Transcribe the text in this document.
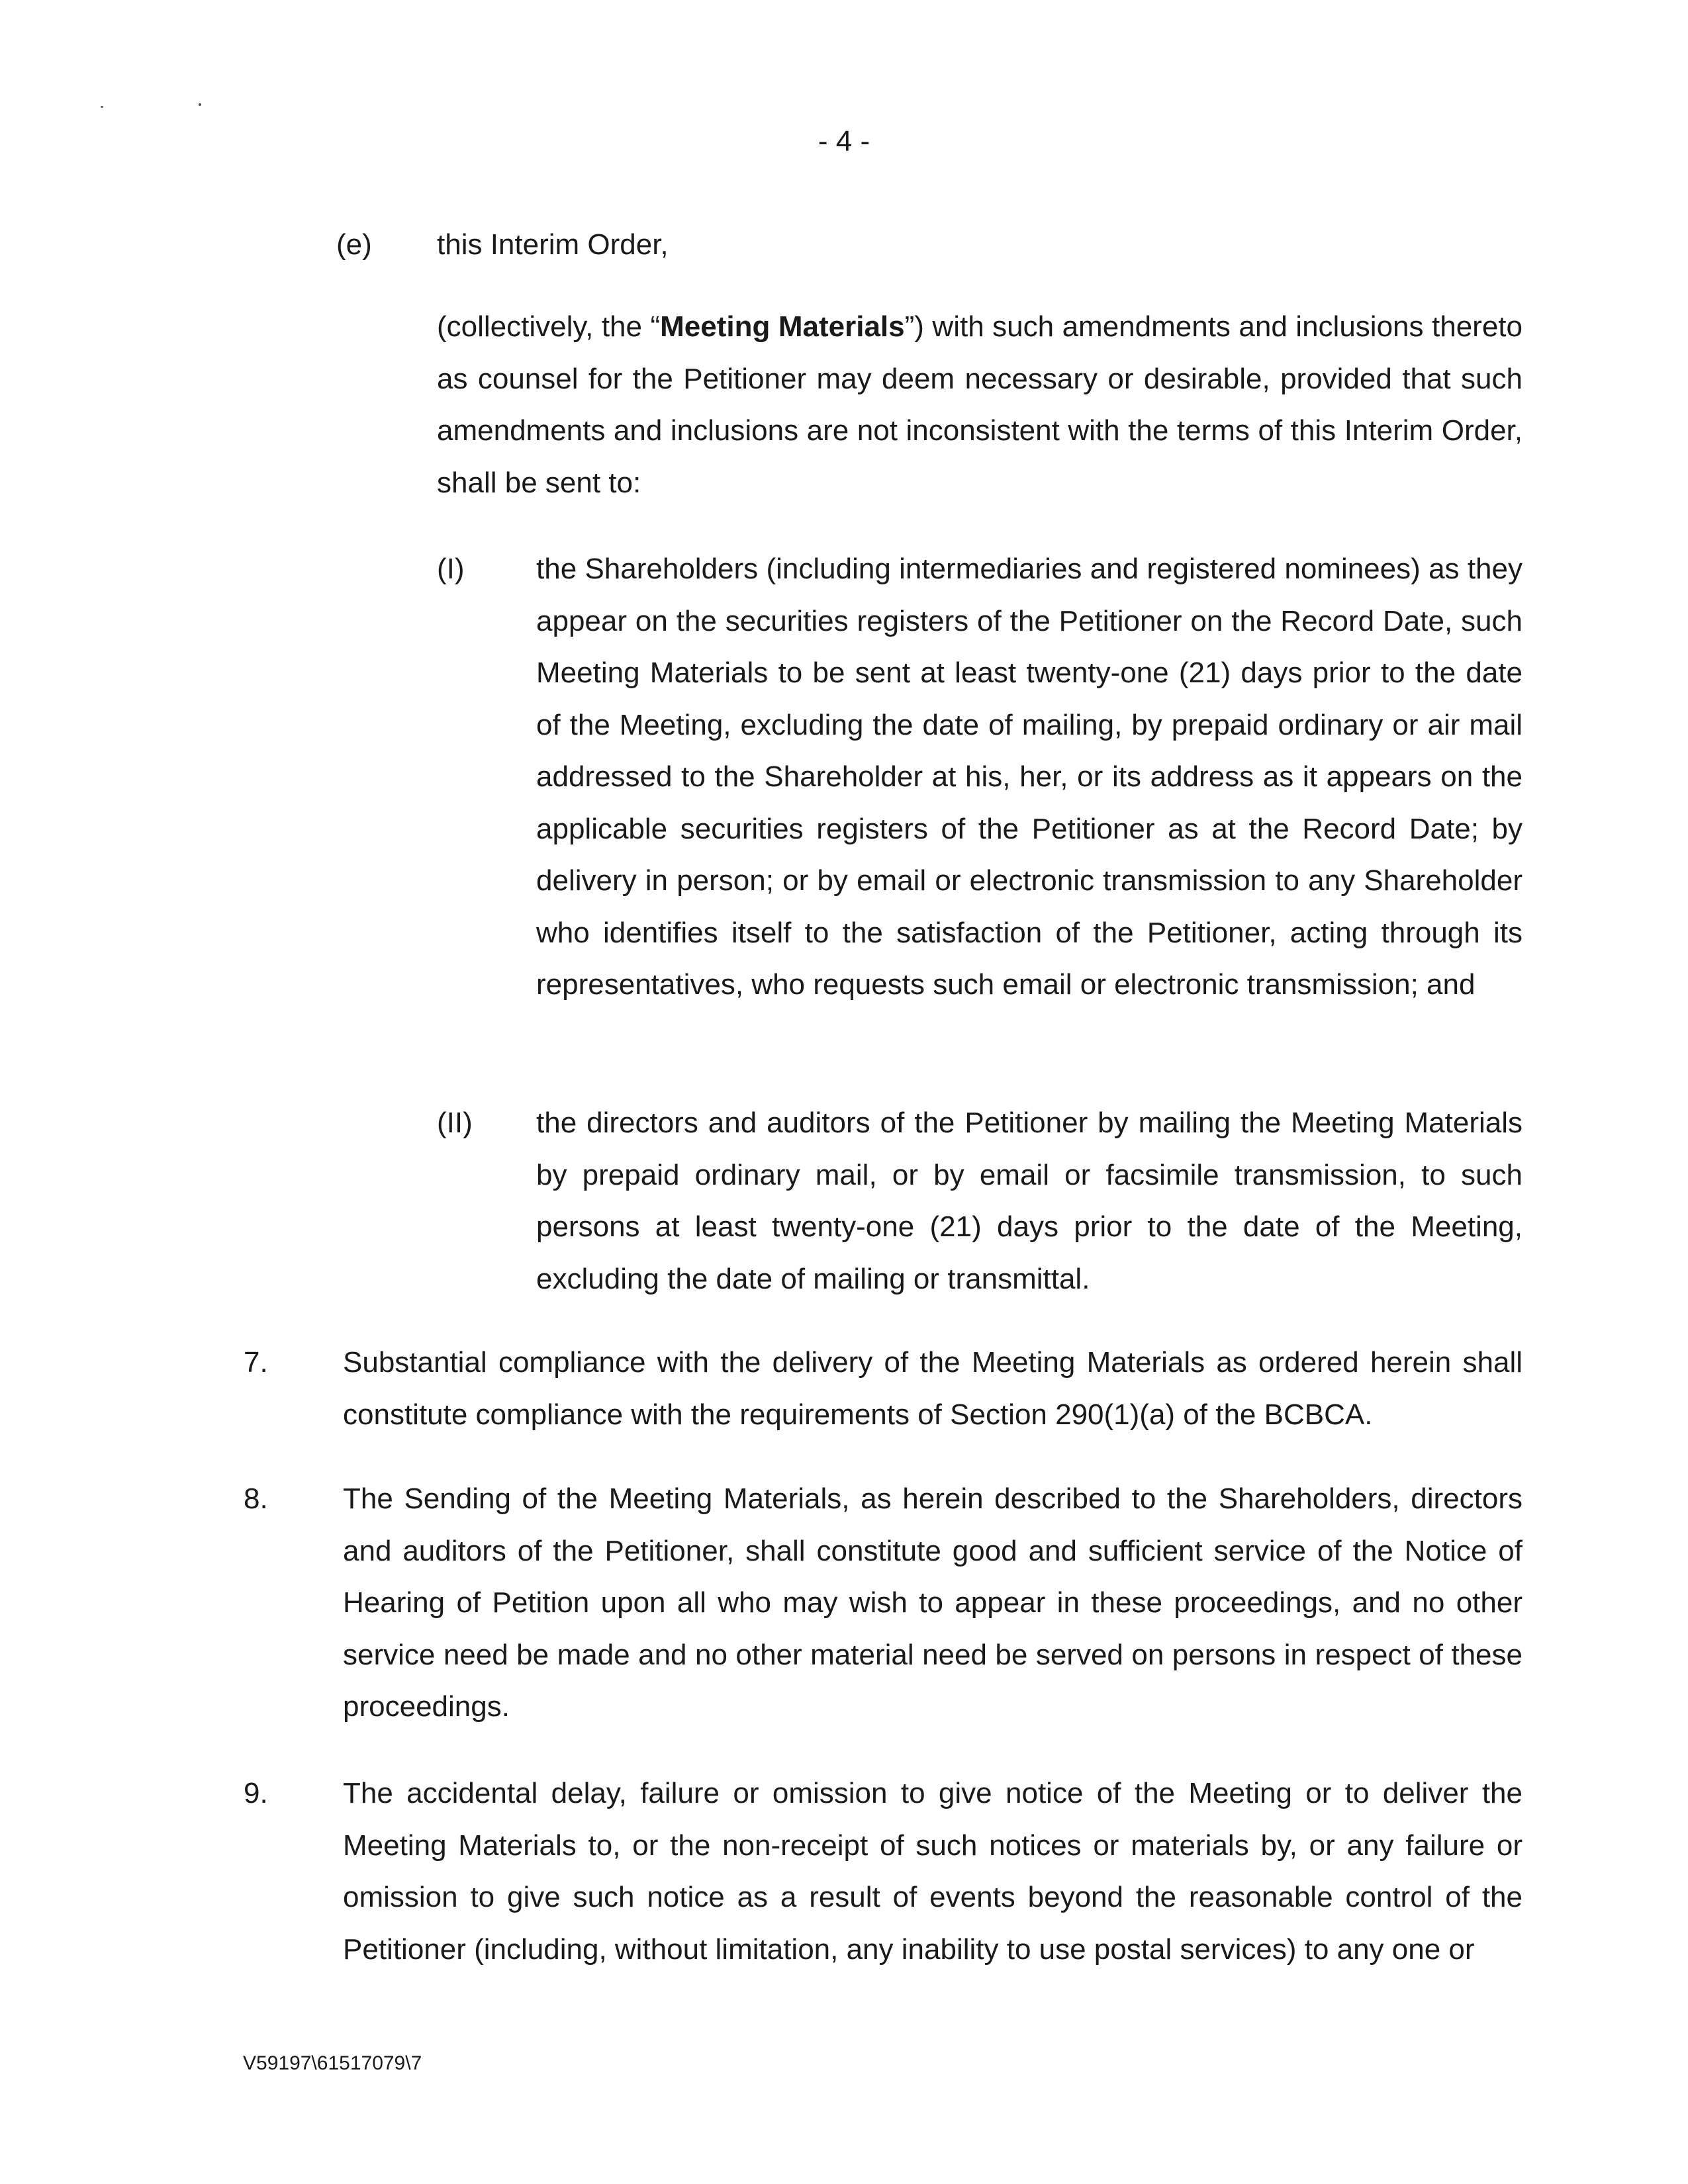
- 4 -
(e) this Interim Order,
(collectively, the “Meeting Materials”) with such amendments and inclusions thereto as counsel for the Petitioner may deem necessary or desirable, provided that such amendments and inclusions are not inconsistent with the terms of this Interim Order, shall be sent to:
(I) the Shareholders (including intermediaries and registered nominees) as they appear on the securities registers of the Petitioner on the Record Date, such Meeting Materials to be sent at least twenty-one (21) days prior to the date of the Meeting, excluding the date of mailing, by prepaid ordinary or air mail addressed to the Shareholder at his, her, or its address as it appears on the applicable securities registers of the Petitioner as at the Record Date; by delivery in person; or by email or electronic transmission to any Shareholder who identifies itself to the satisfaction of the Petitioner, acting through its representatives, who requests such email or electronic transmission; and
(II) the directors and auditors of the Petitioner by mailing the Meeting Materials by prepaid ordinary mail, or by email or facsimile transmission, to such persons at least twenty-one (21) days prior to the date of the Meeting, excluding the date of mailing or transmittal.
7.	Substantial compliance with the delivery of the Meeting Materials as ordered herein shall constitute compliance with the requirements of Section 290(1)(a) of the BCBCA.
8.	The Sending of the Meeting Materials, as herein described to the Shareholders, directors and auditors of the Petitioner, shall constitute good and sufficient service of the Notice of Hearing of Petition upon all who may wish to appear in these proceedings, and no other service need be made and no other material need be served on persons in respect of these proceedings.
9.	The accidental delay, failure or omission to give notice of the Meeting or to deliver the Meeting Materials to, or the non-receipt of such notices or materials by, or any failure or omission to give such notice as a result of events beyond the reasonable control of the Petitioner (including, without limitation, any inability to use postal services) to any one or
V59197\61517079\7
